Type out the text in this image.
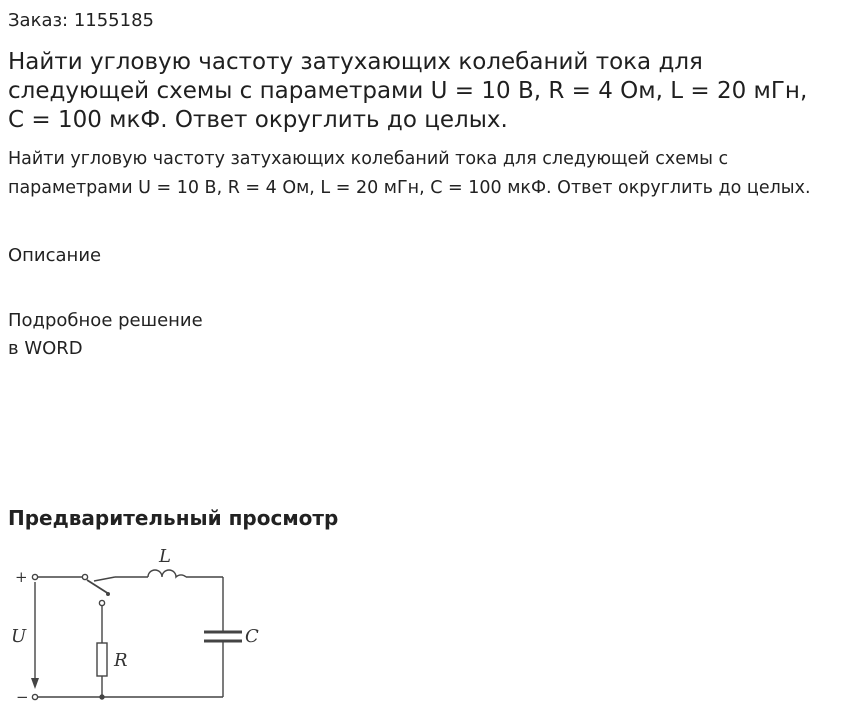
Заказ: 1155185
Найти угловую частоту затухающих колебаний тока для следующей схемы с параметрами U = 10 В, R = 4 Ом, L = 20 мГн, С = 100 мкФ. Ответ округлить до целых.
Найти угловую частоту затухающих колебаний тока для следующей схемы с параметрами U = 10 В, R = 4 Ом, L = 20 мГн, С = 100 мкФ. Ответ округлить до целых.
Описание
Подробное решение
в WORD
Предварительный просмотр
+
−
L
C
R
U
